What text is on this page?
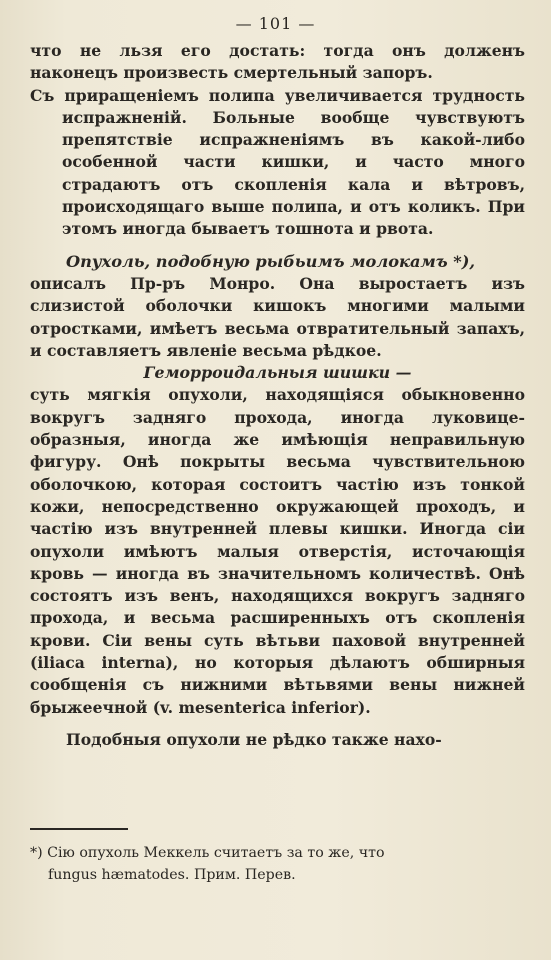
— 101 —

что не льзя его достать: тогда онъ долженъ наконецъ произвесть смертельный запоръ.

Съ приращеніемъ полипа увеличивается трудность испражненій. Больные вообще чувствуютъ препятствіе испражненіямъ въ какой-либо особенной части кишки, и часто много страдаютъ отъ скопленія кала и вѣтровъ, происходящаго выше полипа, и отъ коликъ. При этомъ иногда бываетъ тошнота и рвота.

Опухоль, подобную рыбьимъ молокамъ *),

описалъ Пр-ръ Монро. Она выростаетъ изъ слизистой оболочки кишокъ многими малыми отростками, имѣетъ весьма отвратительный запахъ, и составляетъ явленіе весьма рѣдкое.

Геморроидальныя шишки —

суть мягкія опухоли, находящіяся обыкновенно вокругъ задняго прохода, иногда луковице-образныя, иногда же имѣющія неправильную фигуру. Онѣ покрыты весьма чувствительною оболочкою, которая состоитъ частію изъ тонкой кожи, непосредственно окружающей проходъ, и частію изъ внутренней плевы кишки. Иногда сіи опухоли имѣютъ малыя отверстія, источающія кровь — иногда въ значительномъ количествѣ. Онѣ состоятъ изъ венъ, находящихся вокругъ задняго прохода, и весьма расширенныхъ отъ скопленія крови. Сіи вены суть вѣтьви паховой внутренней (iliaca interna), но которыя дѣлаютъ обширныя сообщенія съ нижними вѣтьвями вены нижней брыжеечной (v. mesenterica inferior).

Подобныя опухоли не рѣдко также нахо-

*) Сію опухоль Меккель считаетъ за то же, что

fungus hæmatodes. Прим. Перев.
